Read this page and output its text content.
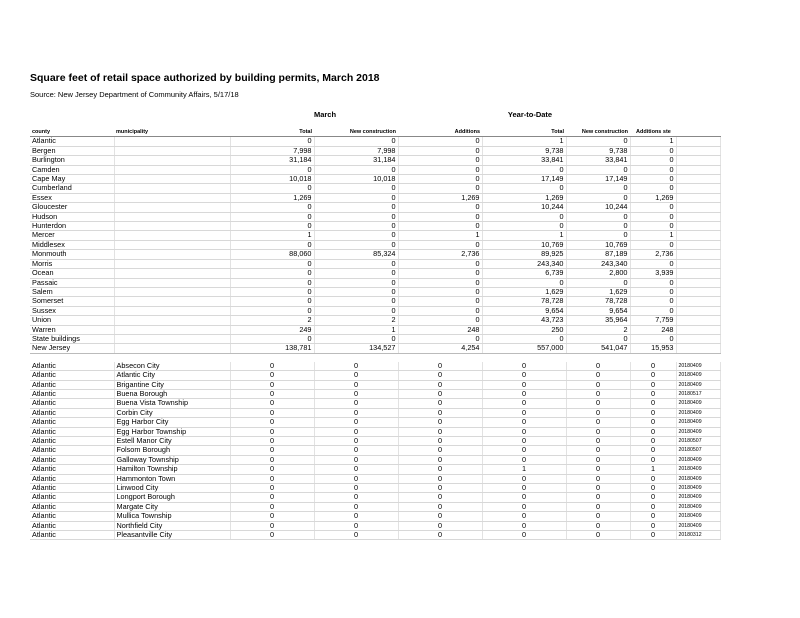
Square feet of retail space authorized by building permits, March 2018
Source: New Jersey Department of Community Affairs, 5/17/18
March	Year-to-Date
county	municipality	Total	New construction	Additions	Total	New construction	Additions ste	
Atlantic		0	0	0	1	0	1	
Bergen		7,998	7,998	0	9,738	9,738	0	
Burlington		31,184	31,184	0	33,841	33,841	0	
Camden		0	0	0	0	0	0	
Cape May		10,018	10,018	0	17,149	17,149	0	
Cumberland		0	0	0	0	0	0	
Essex		1,269	0	1,269	1,269	0	1,269	
Gloucester		0	0	0	10,244	10,244	0	
Hudson		0	0	0	0	0	0	
Hunterdon		0	0	0	0	0	0	
Mercer		1	0	1	1	0	1	
Middlesex		0	0	0	10,769	10,769	0	
Monmouth		88,060	85,324	2,736	89,925	87,189	2,736	
Morris		0	0	0	243,340	243,340	0	
Ocean		0	0	0	6,739	2,800	3,939	
Passaic		0	0	0	0	0	0	
Salem		0	0	0	1,629	1,629	0	
Somerset		0	0	0	78,728	78,728	0	
Sussex		0	0	0	9,654	9,654	0	
Union		2	2	0	43,723	35,964	7,759	
Warren		249	1	248	250	2	248	
State buildings		0	0	0	0	0	0	
New Jersey		138,781	134,527	4,254	557,000	541,047	15,953	

Atlantic	Absecon City	0	0	0	0	0	0	20180409
Atlantic	Atlantic City	0	0	0	0	0	0	20180409
Atlantic	Brigantine City	0	0	0	0	0	0	20180409
Atlantic	Buena Borough	0	0	0	0	0	0	20180517
Atlantic	Buena Vista Township	0	0	0	0	0	0	20180409
Atlantic	Corbin City	0	0	0	0	0	0	20180409
Atlantic	Egg Harbor City	0	0	0	0	0	0	20180409
Atlantic	Egg Harbor Township	0	0	0	0	0	0	20180409
Atlantic	Estell Manor City	0	0	0	0	0	0	20180507
Atlantic	Folsom Borough	0	0	0	0	0	0	20180507
Atlantic	Galloway Township	0	0	0	0	0	0	20180409
Atlantic	Hamilton Township	0	0	0	1	0	1	20180409
Atlantic	Hammonton Town	0	0	0	0	0	0	20180409
Atlantic	Linwood City	0	0	0	0	0	0	20180409
Atlantic	Longport Borough	0	0	0	0	0	0	20180409
Atlantic	Margate City	0	0	0	0	0	0	20180409
Atlantic	Mullica Township	0	0	0	0	0	0	20180409
Atlantic	Northfield City	0	0	0	0	0	0	20180409
Atlantic	Pleasantville City	0	0	0	0	0	0	20180312
